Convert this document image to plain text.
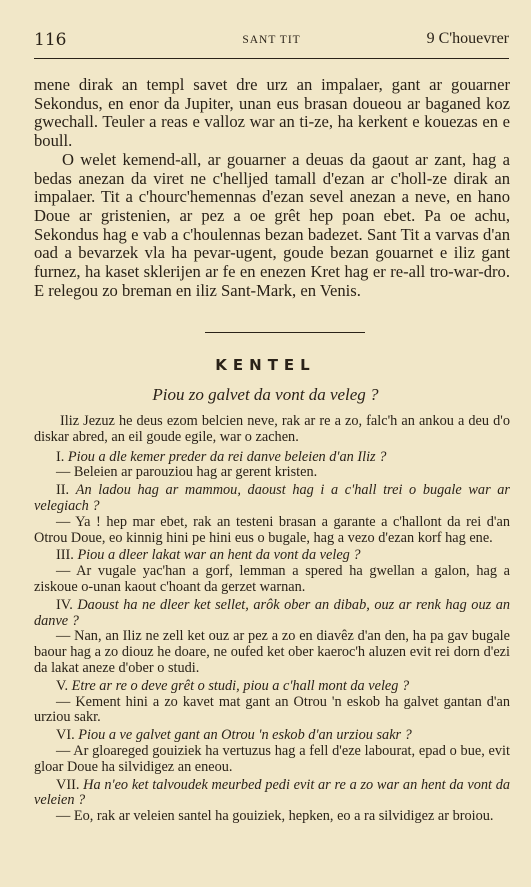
116	SANT TIT	9 C'houevrer

mene dirak an templ savet dre urz an impalaer, gant ar gouarner Sekondus, en enor da Jupiter, unan eus brasan doueou ar baganed koz gwechall. Teuler a reas e valloz war an ti-ze, ha kerkent e kouezas en e boull.

O welet kemend-all, ar gouarner a deuas da gaout ar zant, hag a bedas anezan da viret ne c'helljed tamall d'ezan ar c'holl-ze dirak an impalaer. Tit a c'hourc'hemennas d'ezan sevel anezan a neve, en hano Doue ar gristenien, ar pez a oe grêt hep poan ebet. Pa oe achu, Sekondus hag e vab a c'houlennas bezan badezet. Sant Tit a varvas d'an oad a bevarzek vla ha pevar-ugent, goude bezan gouarnet e iliz gant furnez, ha kaset sklerijen ar fe en enezen Kret hag er re-all tro-war-dro. E relegou zo breman en iliz Sant-Mark, en Venis.

KENTEL
Piou zo galvet da vont da veleg ?

Iliz Jezuz he deus ezom belcien neve, rak ar re a zo, falc'h an ankou a deu d'o diskar abred, an eil goude egile, war o zachen.

I. Piou a dle kemer preder da rei danve beleien d'an Iliz ?

— Beleien ar parouziou hag ar gerent kristen.

II. An ladou hag ar mammou, daoust hag i a c'hall trei o bugale war ar velegiach ?

— Ya ! hep mar ebet, rak an testeni brasan a garante a c'hallont da rei d'an Otrou Doue, eo kinnig hini pe hini eus o bugale, hag a vezo d'ezan korf hag ene.

III. Piou a dleer lakat war an hent da vont da veleg ?

— Ar vugale yac'han a gorf, lemman a spered ha gwellan a galon, hag a ziskoue o-unan kaout c'hoant da gerzet warnan.

IV. Daoust ha ne dleer ket sellet, arôk ober an dibab, ouz ar renk hag ouz an danve ?

— Nan, an Iliz ne zell ket ouz ar pez a zo en diavêz d'an den, ha pa gav bugale baour hag a zo diouz he doare, ne oufed ket ober kaeroc'h aluzen evit rei dorn d'ezi da lakat aneze d'ober o studi.

V. Etre ar re o deve grêt o studi, piou a c'hall mont da veleg ?

— Kement hini a zo kavet mat gant an Otrou 'n eskob ha galvet gantan d'an urziou sakr.

VI. Piou a ve galvet gant an Otrou 'n eskob d'an urziou sakr ?

— Ar gloareged gouiziek ha vertuzus hag a fell d'eze labourat, epad o bue, evit gloar Doue ha silvidigez an eneou.

VII. Ha n'eo ket talvoudek meurbed pedi evit ar re a zo war an hent da vont da veleien ?

— Eo, rak ar veleien santel ha gouiziek, hepken, eo a ra silvidigez ar broiou.
